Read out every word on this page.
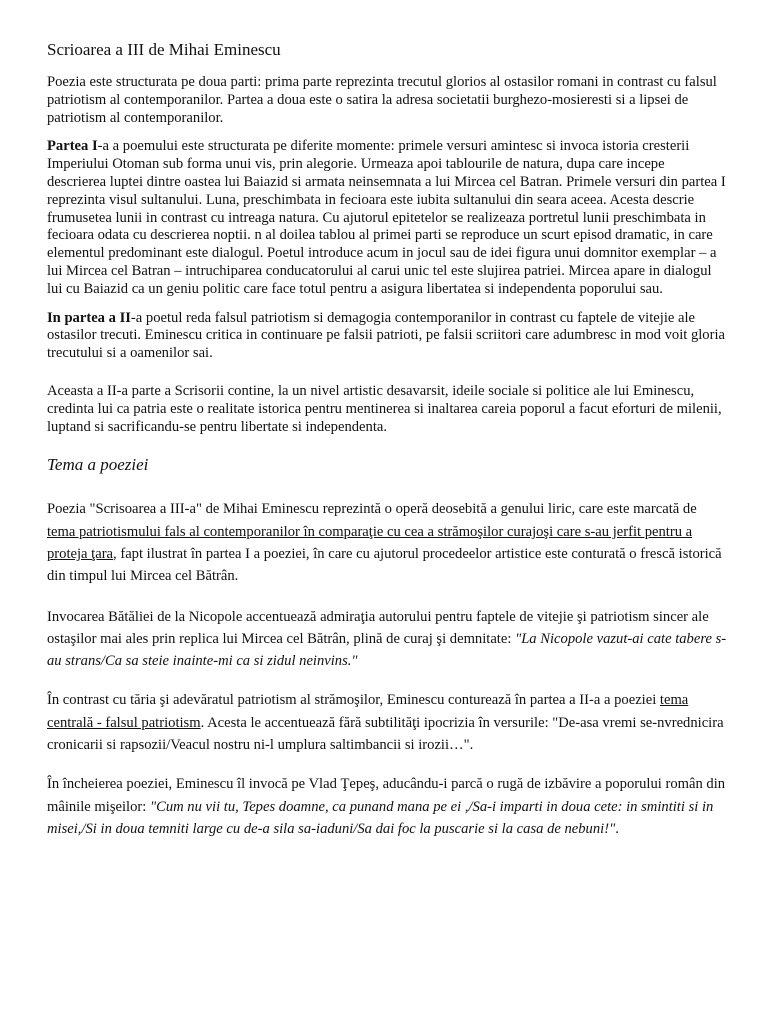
Scrioarea a III de Mihai Eminescu

Poezia este structurata pe doua parti: prima parte reprezinta trecutul glorios al ostasilor romani in contrast cu falsul patriotism al contemporanilor. Partea a doua este o satira la adresa societatii burghezo-mosieresti si a lipsei de patriotism al contemporanilor.

Partea I-a a poemului este structurata pe diferite momente: primele versuri amintesc si invoca istoria cresterii Imperiului Otoman sub forma unui vis, prin alegorie. Urmeaza apoi tablourile de natura, dupa care incepe descrierea luptei dintre oastea lui Baiazid si armata neinsemnata a lui Mircea cel Batran. Primele versuri din partea I reprezinta visul sultanului. Luna, preschimbata in fecioara este iubita sultanului din seara aceea. Acesta descrie frumusetea lunii in contrast cu intreaga natura. Cu ajutorul epitetelor se realizeaza portretul lunii preschimbata in fecioara odata cu descrierea noptii. n al doilea tablou al primei parti se reproduce un scurt episod dramatic, in care elementul predominant este dialogul. Poetul introduce acum in jocul sau de idei figura unui domnitor exemplar – a lui Mircea cel Batran – intruchiparea conducatorului al carui unic tel este slujirea patriei. Mircea apare in dialogul lui cu Baiazid ca un geniu politic care face totul pentru a asigura libertatea si independenta poporului sau.

In partea a II-a poetul reda falsul patriotism si demagogia contemporanilor in contrast cu faptele de vitejie ale ostasilor trecuti. Eminescu critica in continuare pe falsii patrioti, pe falsii scriitori care adumbresc in mod voit gloria trecutului si a oamenilor sai.

Aceasta a II-a parte a Scrisorii contine, la un nivel artistic desavarsit, ideile sociale si politice ale lui Eminescu, credinta lui ca patria este o realitate istorica pentru mentinerea si inaltarea careia poporul a facut eforturi de milenii, luptand si sacrificandu-se pentru libertate si independenta.

Tema a poeziei

Poezia "Scrisoarea a III-a" de Mihai Eminescu reprezintă o operă deosebită a genului liric, care este marcată de tema patriotismului fals al contemporanilor în comparaţie cu cea a strămoşilor curajoşi care s-au jerfit pentru a proteja ţara, fapt ilustrat în partea I a poeziei, în care cu ajutorul procedeelor artistice este conturată o frescă istorică din timpul lui Mircea cel Bătrân.

Invocarea Bătăliei de la Nicopole accentuează admiraţia autorului pentru faptele de vitejie şi patriotism sincer ale ostaşilor mai ales prin replica lui Mircea cel Bătrân, plină de curaj şi demnitate: "La Nicopole vazut-ai cate tabere s-au strans/Ca sa steie inainte-mi ca si zidul neinvins."

În contrast cu tăria şi adevăratul patriotism al strămoşilor, Eminescu conturează în partea a II-a a poeziei tema centrală - falsul patriotism. Acesta le accentuează fără subtilităţi ipocrizia în versurile: "De-asa vremi se-nvrednicira cronicarii si rapsozii/Veacul nostru ni-l umplura saltimbancii si irozii…".

În încheierea poeziei, Eminescu îl invocă pe Vlad Ţepeş, aducându-i parcă o rugă de izbăvire a poporului român din mâinile mişeilor: "Cum nu vii tu, Tepes doamne, ca punand mana pe ei ,/Sa-i imparti in doua cete: in smintiti si in misei,/Si in doua temniti large cu de-a sila sa-iaduni/Sa dai foc la puscarie si la casa de nebuni!".
